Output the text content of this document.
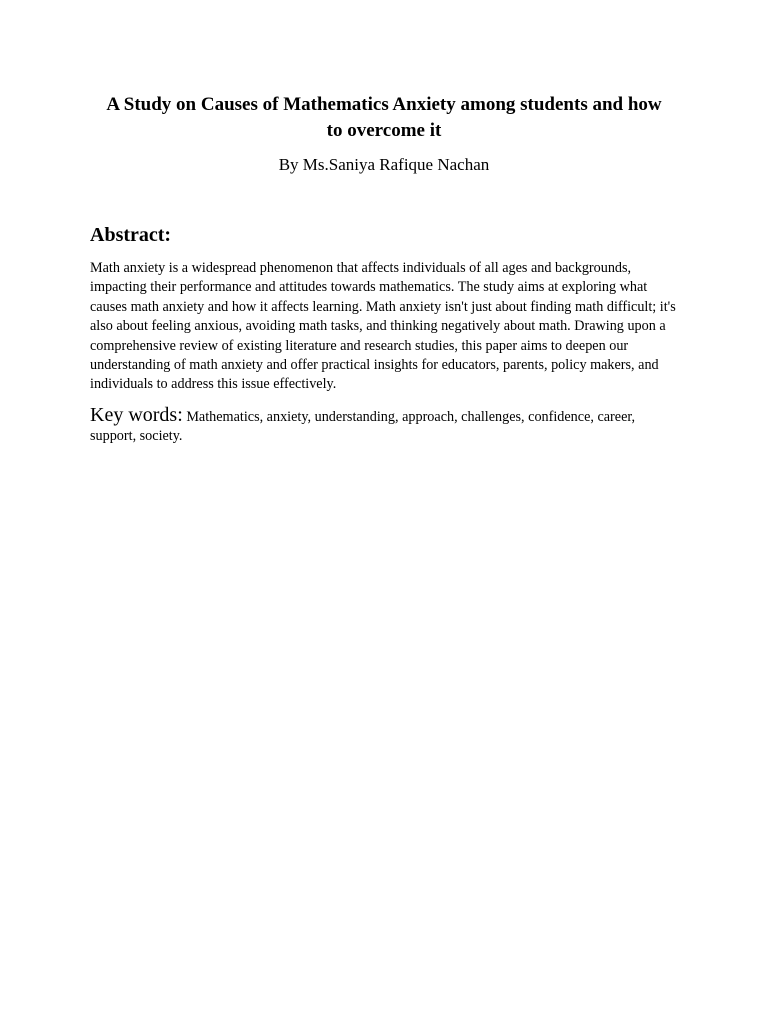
A Study on Causes of Mathematics Anxiety among students and how to overcome it

By Ms.Saniya Rafique Nachan

Abstract:

Math anxiety is a widespread phenomenon that affects individuals of all ages and backgrounds, impacting their performance and attitudes towards mathematics. The study aims at exploring what causes math anxiety and how it affects learning. Math anxiety isn't just about finding math difficult; it's also about feeling anxious, avoiding math tasks, and thinking negatively about math. Drawing upon a comprehensive review of existing literature and research studies, this paper aims to deepen our understanding of math anxiety and offer practical insights for educators, parents, policy makers, and individuals to address this issue effectively.

Key words: Mathematics, anxiety, understanding, approach, challenges, confidence, career, support, society.
